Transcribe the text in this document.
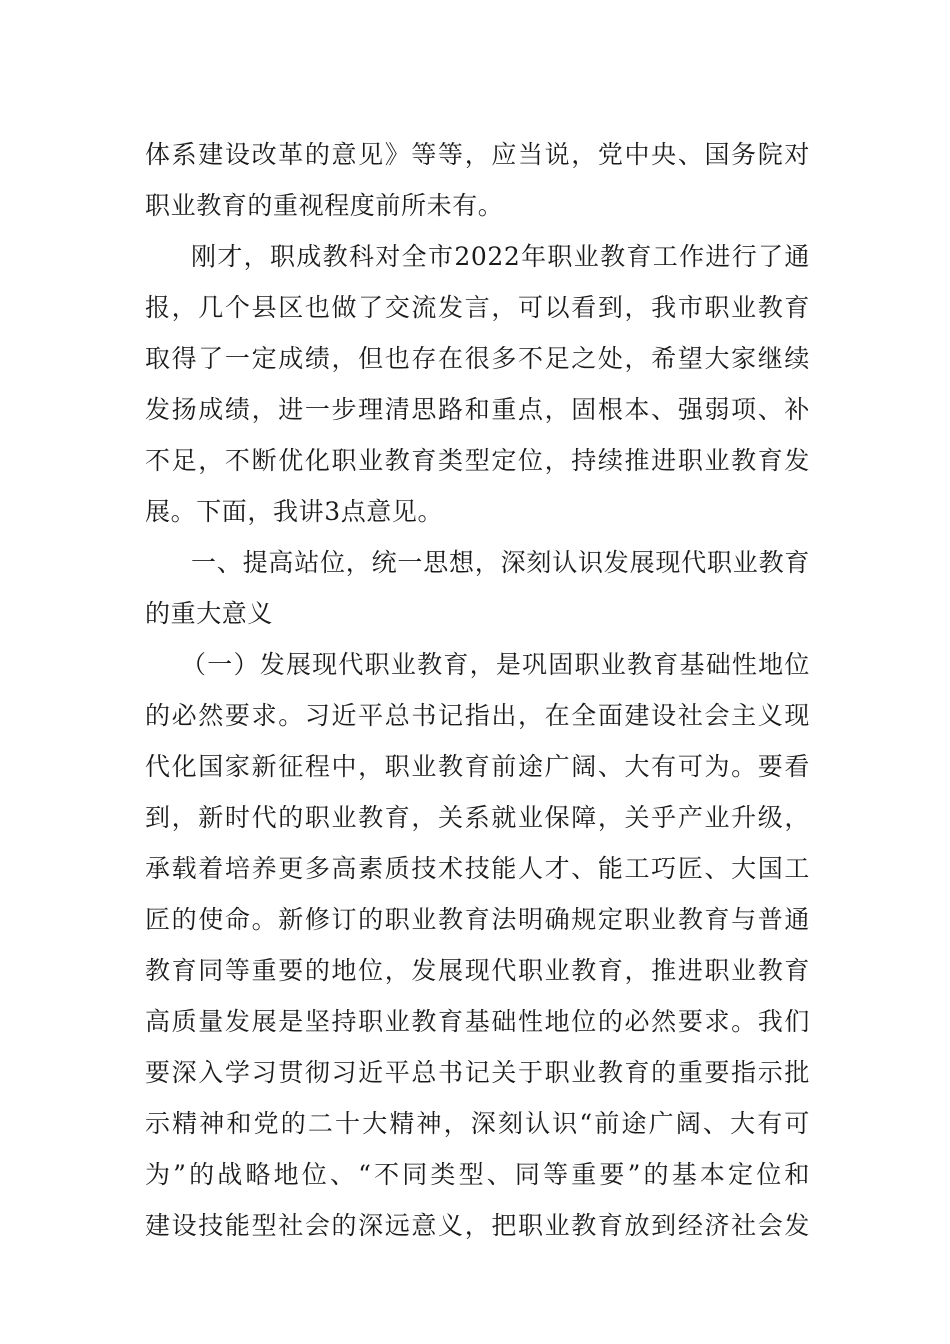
体系建设改革的意见》等等，应当说，党中央、国务院对
职业教育的重视程度前所未有。
刚才，职成教科对全市2022年职业教育工作进行了通
报，几个县区也做了交流发言，可以看到，我市职业教育
取得了一定成绩，但也存在很多不足之处，希望大家继续
发扬成绩，进一步理清思路和重点，固根本、强弱项、补
不足，不断优化职业教育类型定位，持续推进职业教育发
展。下面，我讲3点意见。
一、提高站位，统一思想，深刻认识发展现代职业教育
的重大意义
（一）发展现代职业教育，是巩固职业教育基础性地位
的必然要求。习近平总书记指出，在全面建设社会主义现
代化国家新征程中，职业教育前途广阔、大有可为。要看
到，新时代的职业教育，关系就业保障，关乎产业升级，
承载着培养更多高素质技术技能人才、能工巧匠、大国工
匠的使命。新修订的职业教育法明确规定职业教育与普通
教育同等重要的地位，发展现代职业教育，推进职业教育
高质量发展是坚持职业教育基础性地位的必然要求。我们
要深入学习贯彻习近平总书记关于职业教育的重要指示批
示精神和党的二十大精神，深刻认识“前途广阔、大有可
为”的战略地位、“不同类型、同等重要”的基本定位和
建设技能型社会的深远意义，把职业教育放到经济社会发
